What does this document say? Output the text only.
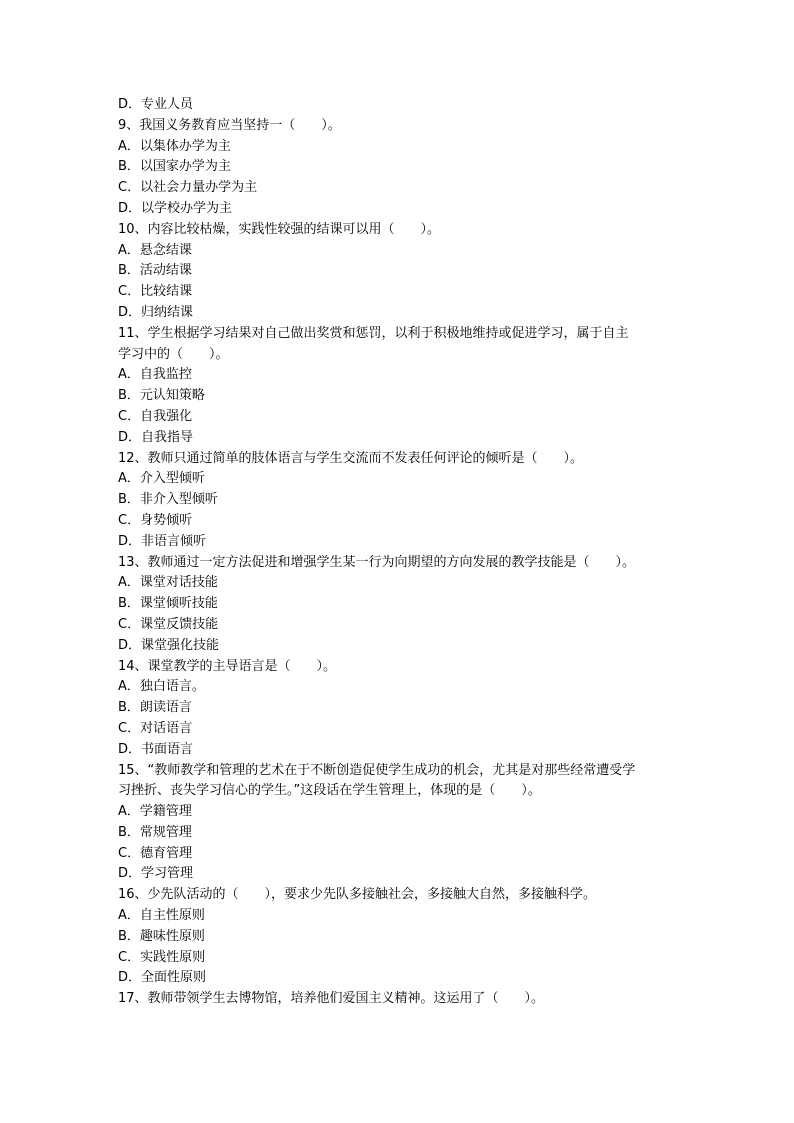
D．专业人员
9、我国义务教育应当坚持一（　　）。
A．以集体办学为主
B．以国家办学为主
C．以社会力量办学为主
D．以学校办学为主
10、内容比较枯燥，实践性较强的结课可以用（　　）。
A．悬念结课
B．活动结课
C．比较结课
D．归纳结课
11、学生根据学习结果对自己做出奖赏和惩罚，以利于积极地维持或促进学习，属于自主
学习中的（　　）。
A．自我监控
B．元认知策略
C．自我强化
D．自我指导
12、教师只通过简单的肢体语言与学生交流而不发表任何评论的倾听是（　　）。
A．介入型倾听
B．非介入型倾听
C．身势倾听
D．非语言倾听
13、教师通过一定方法促进和增强学生某一行为向期望的方向发展的教学技能是（　　）。
A．课堂对话技能
B．课堂倾听技能
C．课堂反馈技能
D．课堂强化技能
14、课堂教学的主导语言是（　　）。
A．独白语言。
B．朗读语言
C．对话语言
D．书面语言
15、“教师教学和管理的艺术在于不断创造促使学生成功的机会，尤其是对那些经常遭受学
习挫折、丧失学习信心的学生。”这段话在学生管理上，体现的是（　　）。
A．学籍管理
B．常规管理
C．德育管理
D．学习管理
16、少先队活动的（　　），要求少先队多接触社会，多接触大自然，多接触科学。
A．自主性原则
B．趣味性原则
C．实践性原则
D．全面性原则
17、教师带领学生去博物馆，培养他们爱国主义精神。这运用了（　　）。
